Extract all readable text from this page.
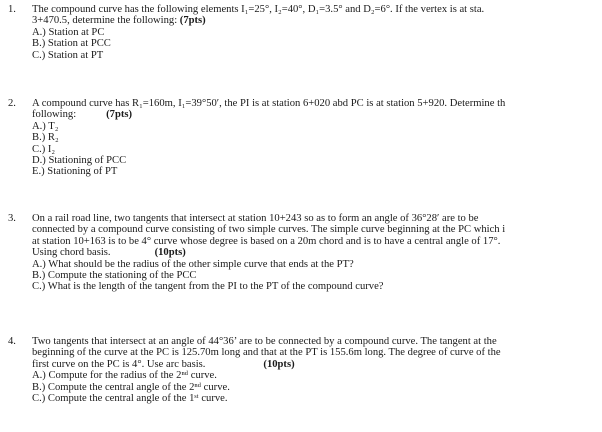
1.	The compound curve has the following elements I₁=25°, I₂=40°, D₁=3.5° and D₂=6°. If the vertex is at sta.
3+470.5, determine the following: (7pts)
A.) Station at PC
B.) Station at PCC
C.) Station at PT
2.	A compound curve has R₁=160m, I₁=39°50′, the PI is at station 6+020 abd PC is at station 5+920. Determine th
following:	(7pts)
A.) T₂
B.) R₂
C.) I₂
D.) Stationing of PCC
E.) Stationing of PT
3.	On a rail road line, two tangents that intersect at station 10+243 so as to form an angle of 36°28′ are to be
connected by a compound curve consisting of two simple curves. The simple curve beginning at the PC which i
at station 10+163 is to be 4° curve whose degree is based on a 20m chord and is to have a central angle of 17°.
Using chord basis.	(10pts)
A.) What should be the radius of the other simple curve that ends at the PT?
B.) Compute the stationing of the PCC
C.) What is the length of the tangent from the PI to the PT of the compound curve?
4.	Two tangents that intersect at an angle of 44°36’ are to be connected by a compound curve. The tangent at the
beginning of the curve at the PC is 125.70m long and that at the PT is 155.6m long. The degree of curve of the
first curve on the PC is 4°. Use arc basis.	(10pts)
A.) Compute for the radius of the 2ⁿᵈ curve.
B.) Compute the central angle of the 2ⁿᵈ curve.
C.) Compute the central angle of the 1ˢᵗ curve.
